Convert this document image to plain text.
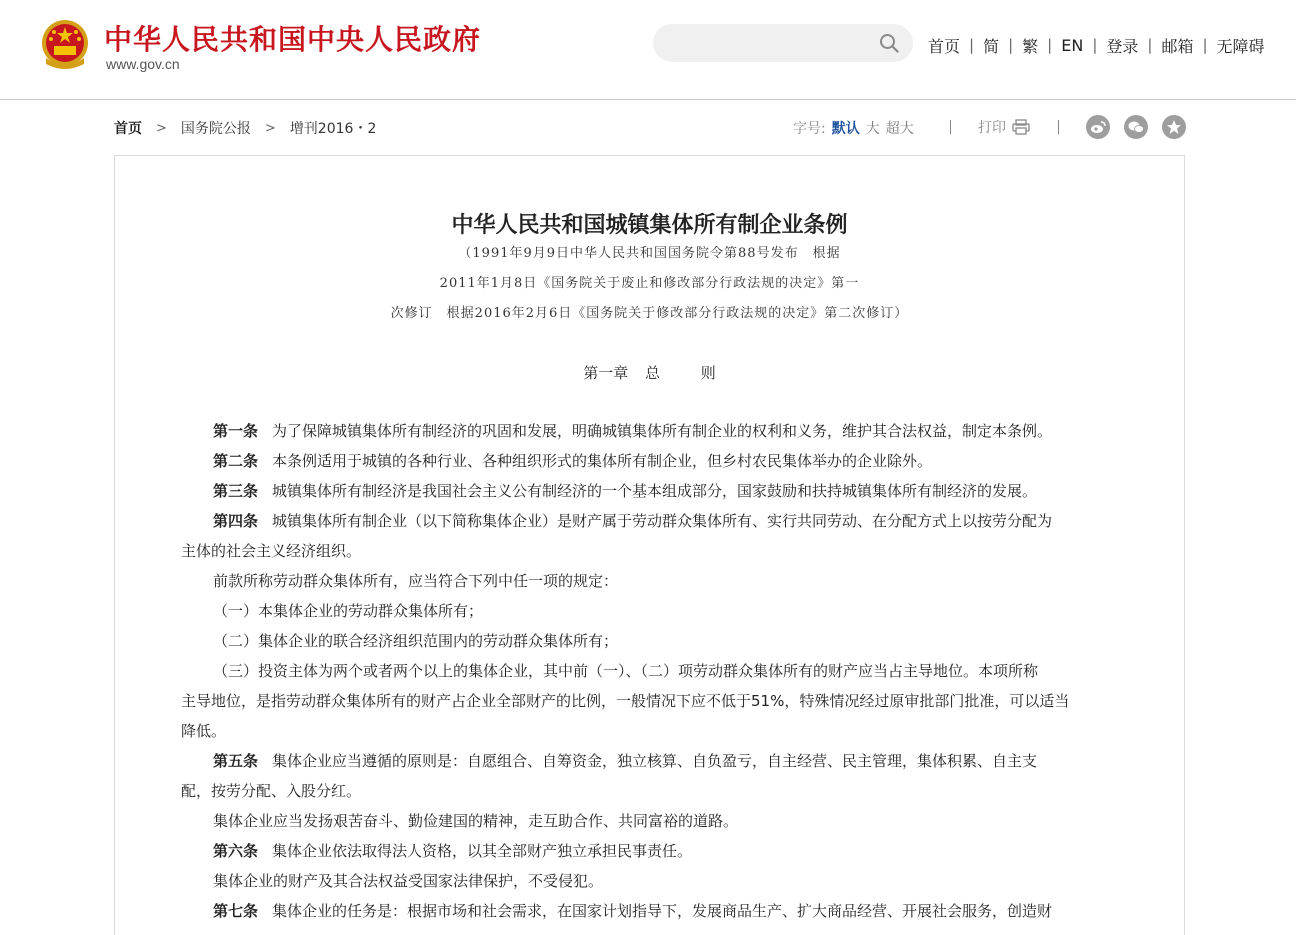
中华人民共和国中央人民政府
www.gov.cn
首页 | 简 | 繁 | EN | 登录 | 邮箱 | 无障碍
首页 > 国务院公报 > 增刊2016・2	字号: 默认 大 超大	打印
中华人民共和国城镇集体所有制企业条例
（1991年9月9日中华人民共和国国务院令第88号发布　根据
2011年1月8日《国务院关于废止和修改部分行政法规的决定》第一
次修订　根据2016年2月6日《国务院关于修改部分行政法规的决定》第二次修订）
第一章 总	则
第一条 为了保障城镇集体所有制经济的巩固和发展，明确城镇集体所有制企业的权利和义务，维护其合法权益，制定本条例。
第二条 本条例适用于城镇的各种行业、各种组织形式的集体所有制企业，但乡村农民集体举办的企业除外。
第三条 城镇集体所有制经济是我国社会主义公有制经济的一个基本组成部分，国家鼓励和扶持城镇集体所有制经济的发展。
第四条 城镇集体所有制企业（以下简称集体企业）是财产属于劳动群众集体所有、实行共同劳动、在分配方式上以按劳分配为
主体的社会主义经济组织。
前款所称劳动群众集体所有，应当符合下列中任一项的规定：
（一）本集体企业的劳动群众集体所有；
（二）集体企业的联合经济组织范围内的劳动群众集体所有；
（三）投资主体为两个或者两个以上的集体企业，其中前（一）、（二）项劳动群众集体所有的财产应当占主导地位。本项所称
主导地位，是指劳动群众集体所有的财产占企业全部财产的比例，一般情况下应不低于51%，特殊情况经过原审批部门批准，可以适当
降低。
第五条 集体企业应当遵循的原则是：自愿组合、自筹资金，独立核算、自负盈亏，自主经营、民主管理，集体积累、自主支
配，按劳分配、入股分红。
集体企业应当发扬艰苦奋斗、勤俭建国的精神，走互助合作、共同富裕的道路。
第六条 集体企业依法取得法人资格，以其全部财产独立承担民事责任。
集体企业的财产及其合法权益受国家法律保护，不受侵犯。
第七条 集体企业的任务是：根据市场和社会需求，在国家计划指导下，发展商品生产、扩大商品经营、开展社会服务，创造财
